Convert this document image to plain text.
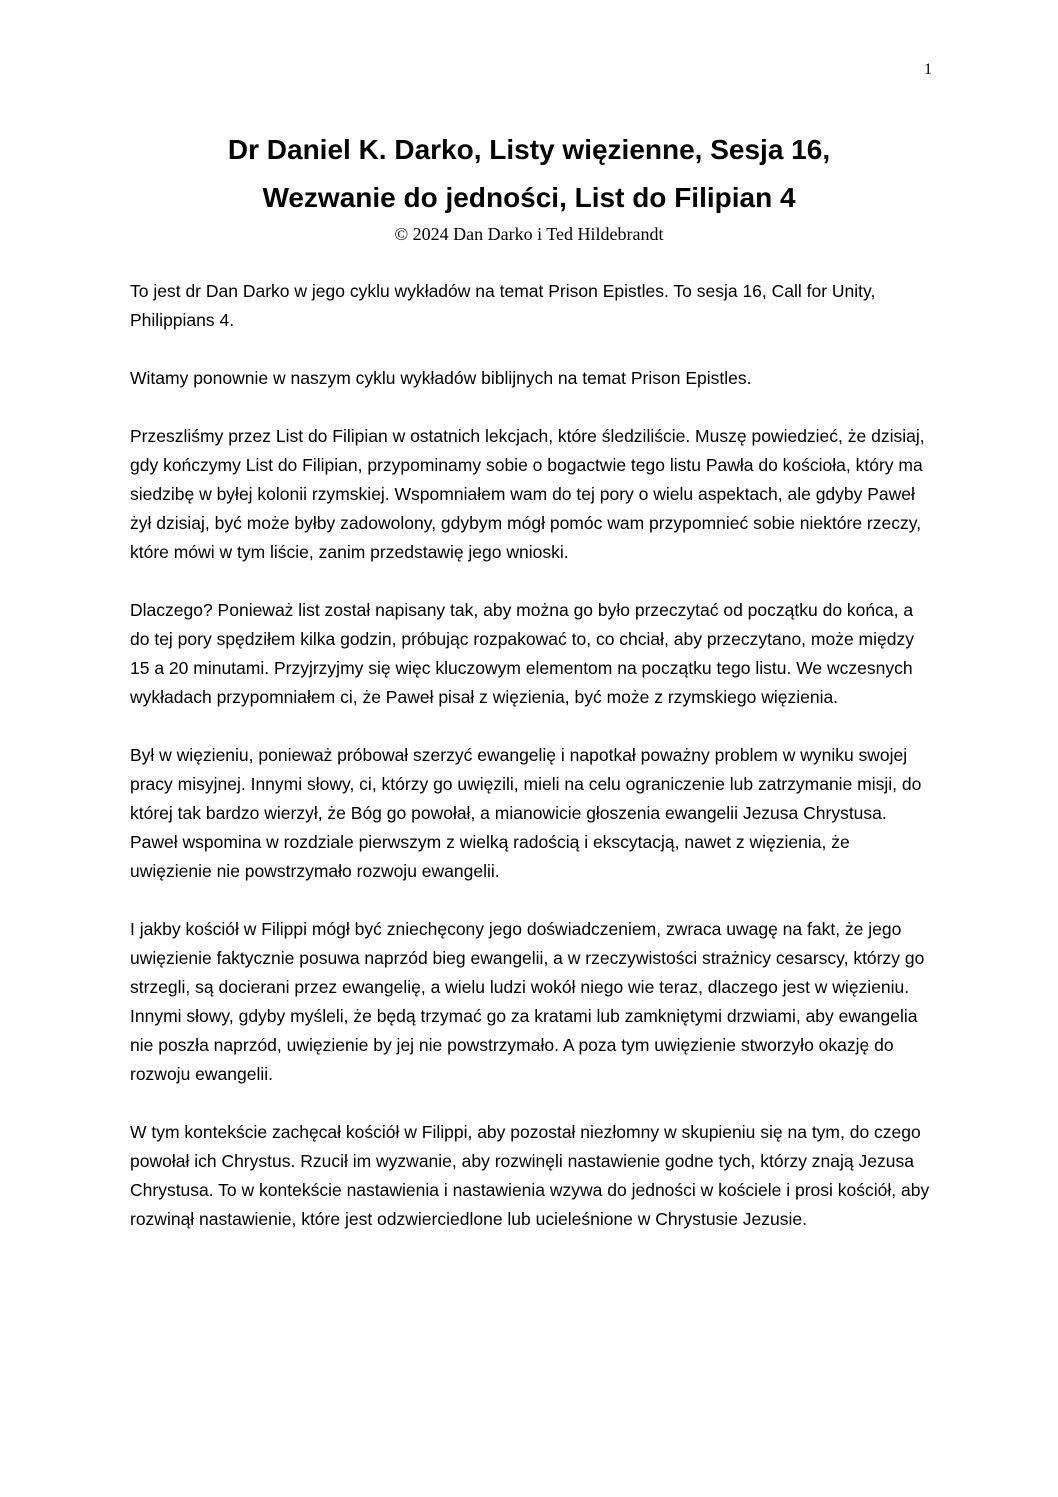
1
Dr Daniel K. Darko, Listy więzienne, Sesja 16,
Wezwanie do jedności, List do Filipian 4
© 2024 Dan Darko i Ted Hildebrandt

To jest dr Dan Darko w jego cyklu wykładów na temat Prison Epistles. To sesja 16, Call for Unity, Philippians 4.

Witamy ponownie w naszym cyklu wykładów biblijnych na temat Prison Epistles.

Przeszliśmy przez List do Filipian w ostatnich lekcjach, które śledziliście. Muszę powiedzieć, że dzisiaj, gdy kończymy List do Filipian, przypominamy sobie o bogactwie tego listu Pawła do kościoła, który ma siedzibę w byłej kolonii rzymskiej. Wspomniałem wam do tej pory o wielu aspektach, ale gdyby Paweł żył dzisiaj, być może byłby zadowolony, gdybym mógł pomóc wam przypomnieć sobie niektóre rzeczy, które mówi w tym liście, zanim przedstawię jego wnioski.

Dlaczego? Ponieważ list został napisany tak, aby można go było przeczytać od początku do końca, a do tej pory spędziłem kilka godzin, próbując rozpakować to, co chciał, aby przeczytano, może między 15 a 20 minutami. Przyjrzyjmy się więc kluczowym elementom na początku tego listu. We wczesnych wykładach przypomniałem ci, że Paweł pisał z więzienia, być może z rzymskiego więzienia.

Był w więzieniu, ponieważ próbował szerzyć ewangelię i napotkał poważny problem w wyniku swojej pracy misyjnej. Innymi słowy, ci, którzy go uwięzili, mieli na celu ograniczenie lub zatrzymanie misji, do której tak bardzo wierzył, że Bóg go powołał, a mianowicie głoszenia ewangelii Jezusa Chrystusa. Paweł wspomina w rozdziale pierwszym z wielką radością i ekscytacją, nawet z więzienia, że uwięzienie nie powstrzymało rozwoju ewangelii.

I jakby kościół w Filippi mógł być zniechęcony jego doświadczeniem, zwraca uwagę na fakt, że jego uwięzienie faktycznie posuwa naprzód bieg ewangelii, a w rzeczywistości strażnicy cesarscy, którzy go strzegli, są docierani przez ewangelię, a wielu ludzi wokół niego wie teraz, dlaczego jest w więzieniu. Innymi słowy, gdyby myśleli, że będą trzymać go za kratami lub zamkniętymi drzwiami, aby ewangelia nie poszła naprzód, uwięzienie by jej nie powstrzymało. A poza tym uwięzienie stworzyło okazję do rozwoju ewangelii.

W tym kontekście zachęcał kościół w Filippi, aby pozostał niezłomny w skupieniu się na tym, do czego powołał ich Chrystus. Rzucił im wyzwanie, aby rozwinęli nastawienie godne tych, którzy znają Jezusa Chrystusa. To w kontekście nastawienia i nastawienia wzywa do jedności w kościele i prosi kościół, aby rozwinął nastawienie, które jest odzwierciedlone lub ucieleśnione w Chrystusie Jezusie.
